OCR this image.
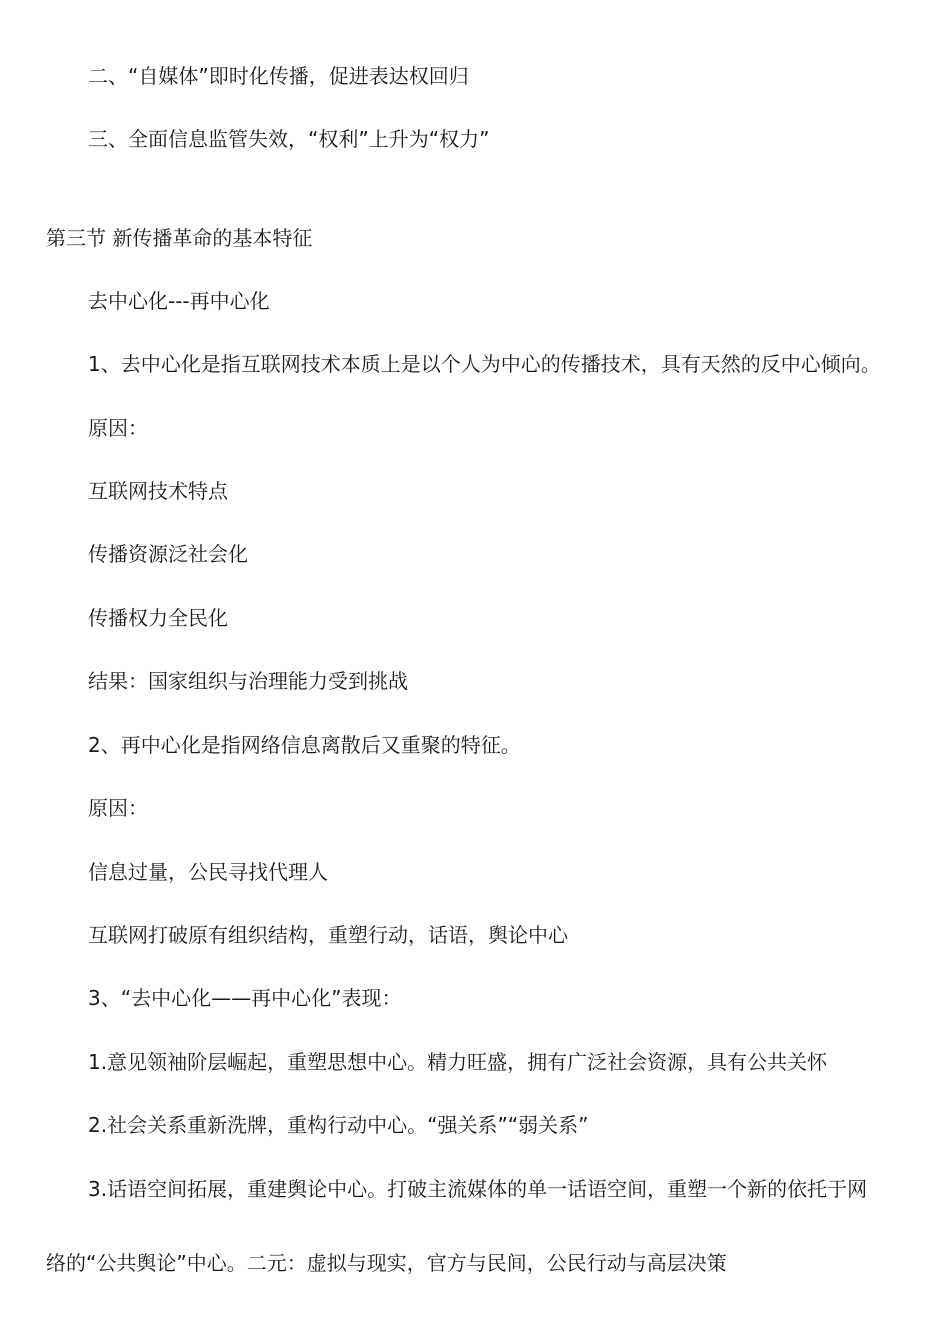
二、“自媒体”即时化传播，促进表达权回归

三、全面信息监管失效，“权利”上升为“权力”

第三节 新传播革命的基本特征

去中心化---再中心化

1、去中心化是指互联网技术本质上是以个人为中心的传播技术，具有天然的反中心倾向。

原因：

互联网技术特点

传播资源泛社会化

传播权力全民化

结果：国家组织与治理能力受到挑战

2、再中心化是指网络信息离散后又重聚的特征。

原因：

信息过量，公民寻找代理人

互联网打破原有组织结构，重塑行动，话语，舆论中心

3、“去中心化——再中心化”表现：

1.意见领袖阶层崛起，重塑思想中心。精力旺盛，拥有广泛社会资源，具有公共关怀

2.社会关系重新洗牌，重构行动中心。“强关系”“弱关系”

3.话语空间拓展，重建舆论中心。打破主流媒体的单一话语空间，重塑一个新的依托于网

络的“公共舆论”中心。二元：虚拟与现实，官方与民间，公民行动与高层决策
